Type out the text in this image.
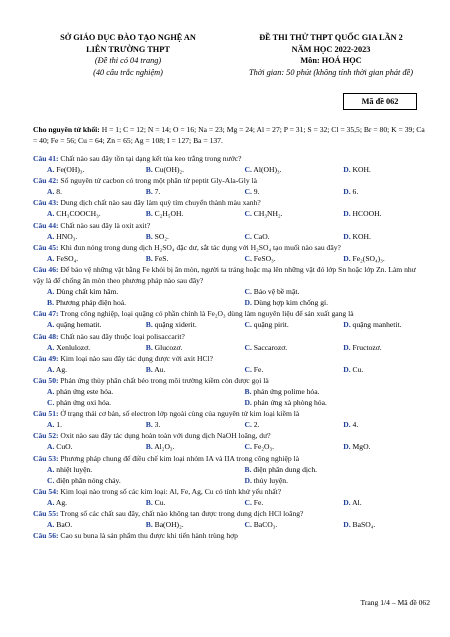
SỞ GIÁO DỤC ĐÀO TẠO NGHỆ AN
LIÊN TRƯỜNG THPT
(Đề thi có 04 trang)
(40 câu trắc nghiệm)
ĐỀ THI THỬ THPT QUỐC GIA LẦN 2
NĂM HỌC 2022-2023
Môn: HOÁ HỌC
Thời gian: 50 phút (không tính thời gian phát đề)
Mã đề 062
Cho nguyên tử khối: H = 1; C = 12; N = 14; O = 16; Na = 23; Mg = 24; Al = 27; P = 31; S = 32; Cl = 35,5; Br = 80; K = 39; Ca = 40; Fe = 56; Cu = 64; Zn = 65; Ag = 108; I = 127; Ba = 137.
Câu 41: Chất nào sau đây tồn tại dạng kết tủa keo trắng trong nước?
A. Fe(OH)₃.	B. Cu(OH)₂.	C. Al(OH)₃.	D. KOH.
Câu 42: Số nguyên tử cacbon có trong một phân tử peptit Gly-Ala-Gly là
A. 8.	B. 7.	C. 9.	D. 6.
Câu 43: Dung dịch chất nào sau đây làm quỳ tím chuyển thành màu xanh?
A. CH₃COOCH₃.	B. C₂H₅OH.	C. CH₃NH₂.	D. HCOOH.
Câu 44: Chất nào sau đây là oxit axit?
A. HNO₃.	B. SO₂.	C. CaO.	D. KOH.
Câu 45: Khi đun nóng trong dung dịch H₂SO₄ đặc dư, sắt tác dụng với H₂SO₄ tạo muối nào sau đây?
A. FeSO₄.	B. FeS.	C. FeSO₃.	D. Fe₂(SO₄)₃.
Câu 46: Để bảo vệ những vật bằng Fe khỏi bị ăn mòn, người ta tráng hoặc mạ lên những vật đó lớp Sn hoặc lớp Zn. Làm như vậy là để chống ăn mòn theo phương pháp nào sau đây?
A. Dùng chất kìm hãm.	C. Bảo vệ bề mặt.
B. Phương pháp điện hoá.	D. Dùng hợp kim chống gỉ.
Câu 47: Trong công nghiệp, loại quặng có phần chính là Fe₂O₃ dùng làm nguyên liệu để sản xuất gang là
A. quặng hematit.	B. quặng xiderit.	C. quặng pirit.	D. quặng manhetit.
Câu 48: Chất nào sau đây thuộc loại polisaccarit?
A. Xenlulozơ.	B. Glucozơ.	C. Saccarozơ.	D. Fructozơ.
Câu 49: Kim loại nào sau đây tác dụng được với axit HCl?
A. Ag.	B. Au.	C. Fe.	D. Cu.
Câu 50: Phản ứng thủy phân chất béo trong môi trường kiềm còn được gọi là
A. phản ứng este hóa.	B. phản ứng polime hóa.
C. phản ứng oxi hóa.	D. phản ứng xà phòng hóa.
Câu 51: Ở trạng thái cơ bản, số electron lớp ngoài cùng của nguyên tử kim loại kiềm là
A. 1.	B. 3.	C. 2.	D. 4.
Câu 52: Oxit nào sau đây tác dụng hoàn toàn với dung dịch NaOH loãng, dư?
A. CuO.	B. Al₂O₃.	C. Fe₂O₃.	D. MgO.
Câu 53: Phương pháp chung để điều chế kim loại nhóm IA và IIA trong công nghiệp là
A. nhiệt luyện.	B. điện phân dung dịch.
C. điện phân nóng chảy.	D. thủy luyện.
Câu 54: Kim loại nào trong số các kim loại: Al, Fe, Ag, Cu có tính khử yếu nhất?
A. Ag.	B. Cu.	C. Fe.	D. Al.
Câu 55: Trong số các chất sau đây, chất nào không tan được trong dung dịch HCl loãng?
A. BaO.	B. Ba(OH)₂.	C. BaCO₃.	D. BaSO₄.
Câu 56: Cao su buna là sản phẩm thu được khi tiến hành trùng hợp
Trang 1/4 – Mã đề 062
